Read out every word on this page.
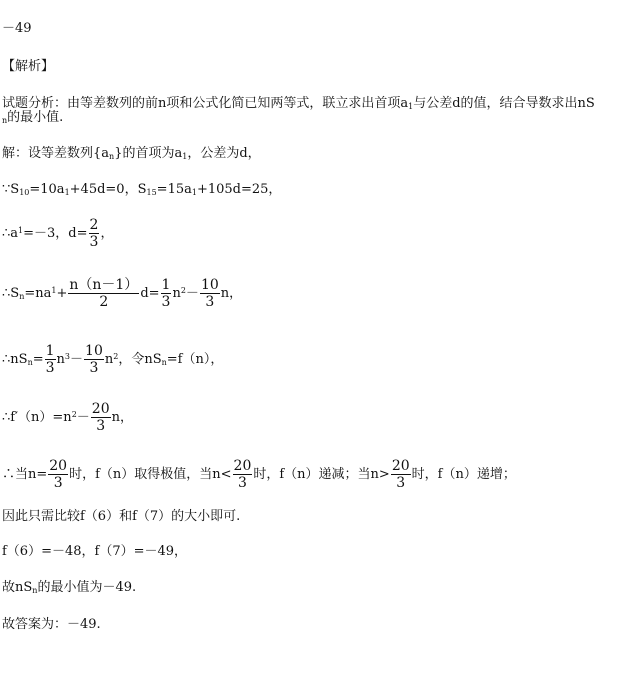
－49
【解析】
试题分析：由等差数列的前n项和公式化简已知两等式，联立求出首项$a_1$与公差d的值，结合导数求出nS
$_n$的最小值.
解：设等差数列$\{a_n\}$的首项为$a_1$，公差为d，
$\because S_{10}=10a_1+45d=0$，$S_{15}=15a_1+105d=25$，
$\therefore a^1=-3$，$d= \frac{2}{3}$ ，
$\therefore S_n=na^1+ \frac{n(n-1)}{2} d= \frac{1}{3} n^2- \frac{10}{3}$ n，
$\therefore nS_n= \frac{1}{3} n^3- \frac{10}{3} n^2$，令$nS_n=f(n)$，
$\therefore f'(n)=n^2- \frac{20}{3}$ n，
∴当$n= \frac{20}{3}$ 时，f（n）取得极值，当$n< \frac{20}{3}$ 时，f（n）递减；当$n> \frac{20}{3}$ 时，f（n）递增；
因此只需比较f（6）和f（7）的大小即可.
f（6）=－48，f（7）=－49，
故$nS_n$的最小值为－49.
故答案为：－49.
